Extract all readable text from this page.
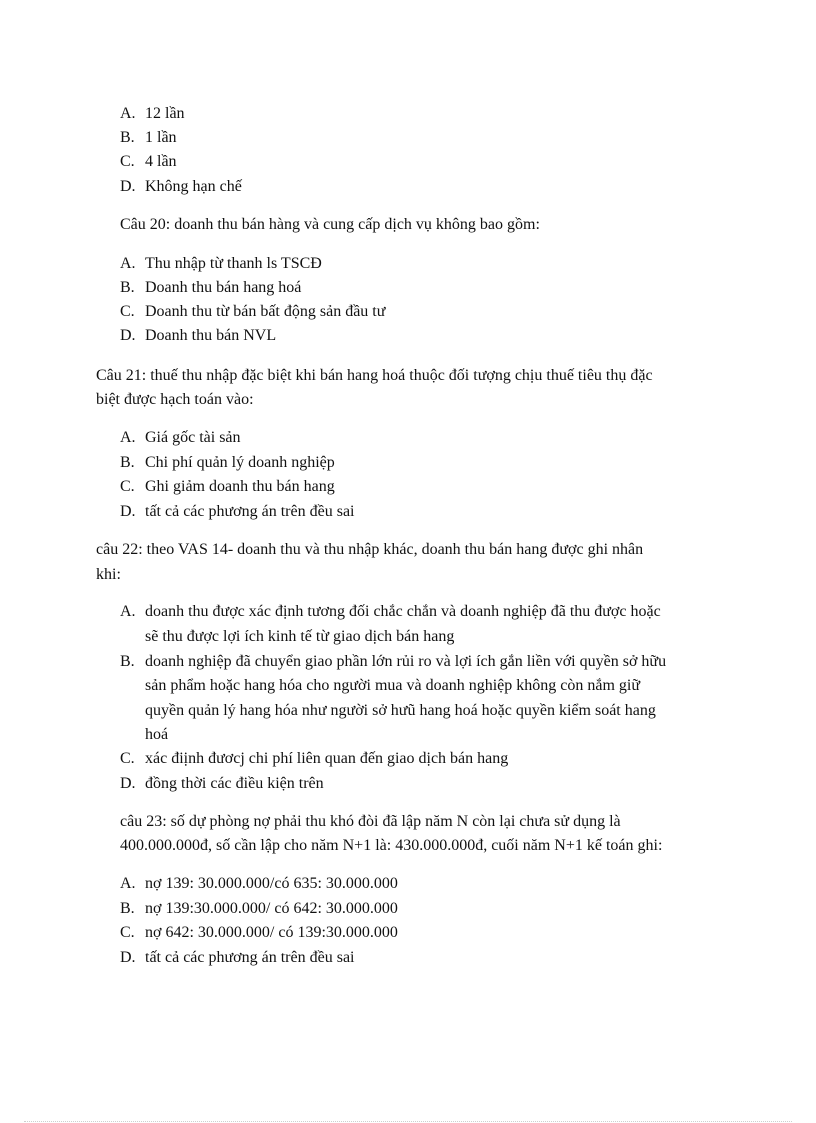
A. 12 lần
B. 1 lần
C. 4 lần
D. Không hạn chế
Câu 20: doanh thu bán hàng và cung cấp dịch vụ không bao gồm:
A. Thu nhập từ thanh ls TSCĐ
B. Doanh thu bán hang hoá
C. Doanh thu từ bán bất động sản đầu tư
D. Doanh thu bán NVL
Câu 21: thuế thu nhập đặc biệt khi bán hang hoá thuộc đối tượng chịu thuế tiêu thụ đặc
biệt được hạch toán vào:
A. Giá gốc tài sản
B. Chi phí quản lý doanh nghiệp
C. Ghi giảm doanh thu bán hang
D. tất cả các phương án trên đều sai
câu 22: theo VAS 14- doanh thu và thu nhập khác, doanh thu bán hang được ghi nhân
khi:
A. doanh thu được xác định tương đối chắc chắn và doanh nghiệp đã thu được hoặc
sẽ thu được lợi ích kinh tế từ giao dịch bán hang
B. doanh nghiệp đã chuyển giao phần lớn rủi ro và lợi ích gắn liền với quyền sở hữu
sản phẩm hoặc hang hóa cho người mua và doanh nghiệp không còn nắm giữ
quyền quản lý hang hóa như người sở hưũ hang hoá hoặc quyền kiểm soát hang
hoá
C. xác điịnh đươcj chi phí liên quan đến giao dịch bán hang
D. đồng thời các điều kiện trên
câu 23: số dự phòng nợ phải thu khó đòi đã lập năm N còn lại chưa sử dụng là
400.000.000đ, số cần lập cho năm N+1 là: 430.000.000đ, cuối năm N+1 kế toán ghi:
A. nợ 139: 30.000.000/có 635: 30.000.000
B. nợ 139:30.000.000/ có 642: 30.000.000
C. nợ 642: 30.000.000/ có 139:30.000.000
D. tất cả các phương án trên đều sai
